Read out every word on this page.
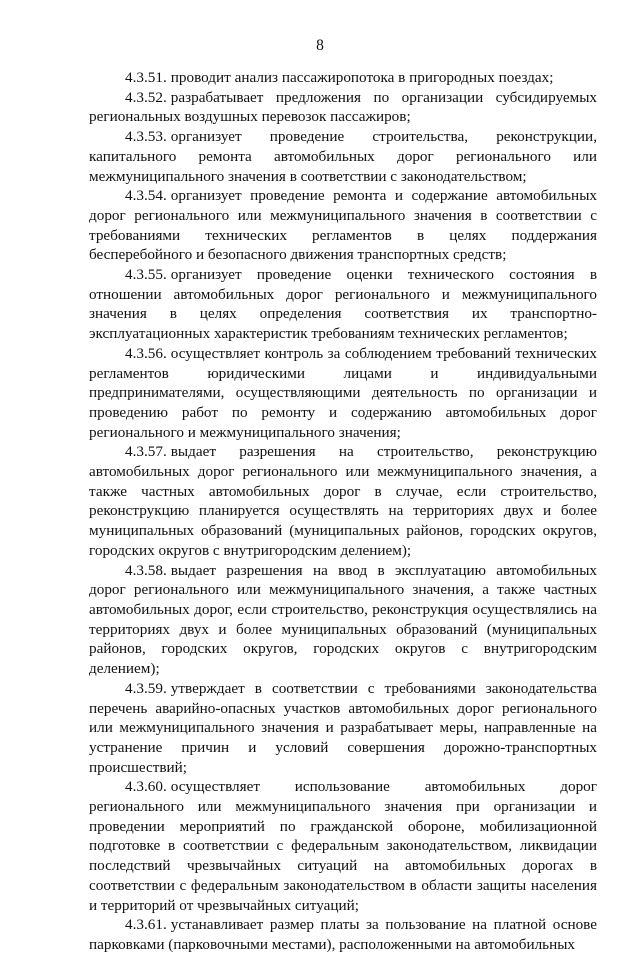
8

4.3.51. проводит анализ пассажиропотока в пригородных поездах;

4.3.52. разрабатывает предложения по организации субсидируемых региональных воздушных перевозок пассажиров;

4.3.53. организует проведение строительства, реконструкции, капитального ремонта автомобильных дорог регионального или межмуниципального значения в соответствии с законодательством;

4.3.54. организует проведение ремонта и содержание автомобильных дорог регионального или межмуниципального значения в соответствии с требованиями технических регламентов в целях поддержания бесперебойного и безопасного движения транспортных средств;

4.3.55. организует проведение оценки технического состояния в отношении автомобильных дорог регионального и межмуниципального значения в целях определения соответствия их транспортно-эксплуатационных характеристик требованиям технических регламентов;

4.3.56. осуществляет контроль за соблюдением требований технических регламентов юридическими лицами и индивидуальными предпринимателями, осуществляющими деятельность по организации и проведению работ по ремонту и содержанию автомобильных дорог регионального и межмуниципального значения;

4.3.57. выдает разрешения на строительство, реконструкцию автомобильных дорог регионального или межмуниципального значения, а также частных автомобильных дорог в случае, если строительство, реконструкцию планируется осуществлять на территориях двух и более муниципальных образований (муниципальных районов, городских округов, городских округов с внутригородским делением);

4.3.58. выдает разрешения на ввод в эксплуатацию автомобильных дорог регионального или межмуниципального значения, а также частных автомобильных дорог, если строительство, реконструкция осуществлялись на территориях двух и более муниципальных образований (муниципальных районов, городских округов, городских округов с внутригородским делением);

4.3.59. утверждает в соответствии с требованиями законодательства перечень аварийно-опасных участков автомобильных дорог регионального или межмуниципального значения и разрабатывает меры, направленные на устранение причин и условий совершения дорожно-транспортных происшествий;

4.3.60. осуществляет использование автомобильных дорог регионального или межмуниципального значения при организации и проведении мероприятий по гражданской обороне, мобилизационной подготовке в соответствии с федеральным законодательством, ликвидации последствий чрезвычайных ситуаций на автомобильных дорогах в соответствии с федеральным законодательством в области защиты населения и территорий от чрезвычайных ситуаций;

4.3.61. устанавливает размер платы за пользование на платной основе парковками (парковочными местами), расположенными на автомобильных
